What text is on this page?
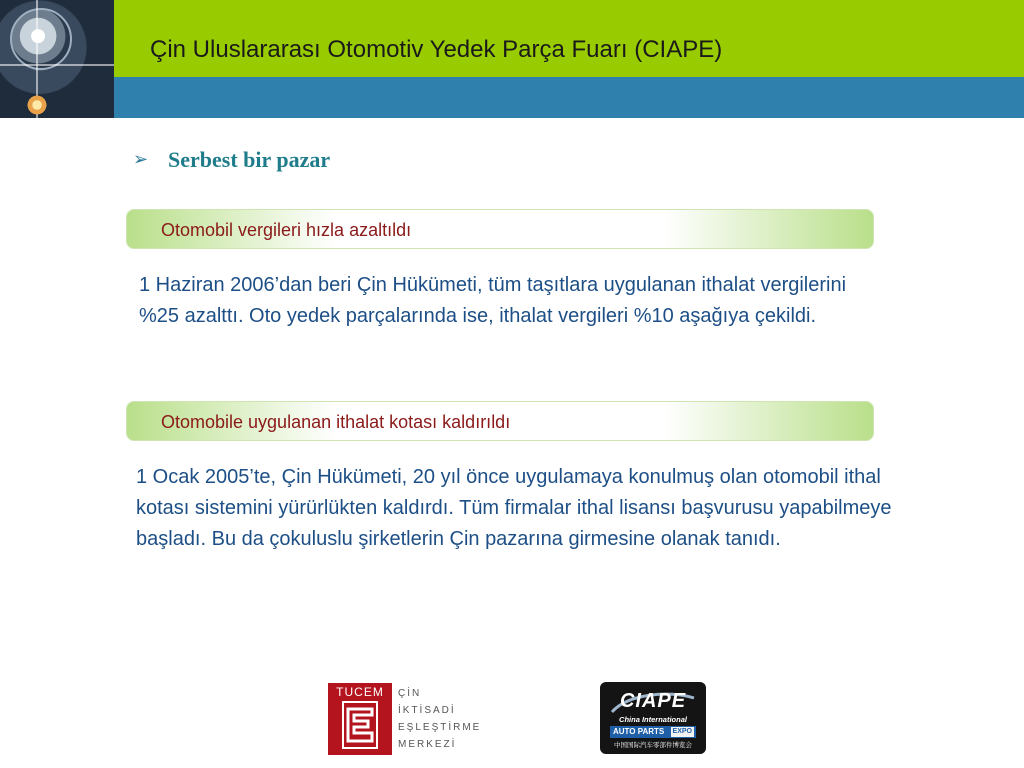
Çin Uluslararası Otomotiv Yedek Parça Fuarı (CIAPE)
➢ Serbest bir pazar
Otomobil vergileri hızla azaltıldı

1 Haziran 2006’dan beri Çin Hükümeti, tüm taşıtlara uygulanan ithalat vergilerini %25 azalttı. Oto yedek parçalarında ise, ithalat vergileri %10 aşağıya çekildi.

Otomobile uygulanan ithalat kotası kaldırıldı

1 Ocak 2005’te, Çin Hükümeti, 20 yıl önce uygulamaya konulmuş olan otomobil ithal kotası sistemini yürürlükten kaldırdı. Tüm firmalar ithal lisansı başvurusu yapabilmeye başladı. Bu da çokuluslu şirketlerin Çin pazarına girmesine olanak tanıdı.

TUCEM	ÇİN
İKTİSADİ
EŞLEŞTİRME
MERKEZİ
CIAPE
China International
AUTO PARTS EXPO
中国国际汽车零部件博览会
